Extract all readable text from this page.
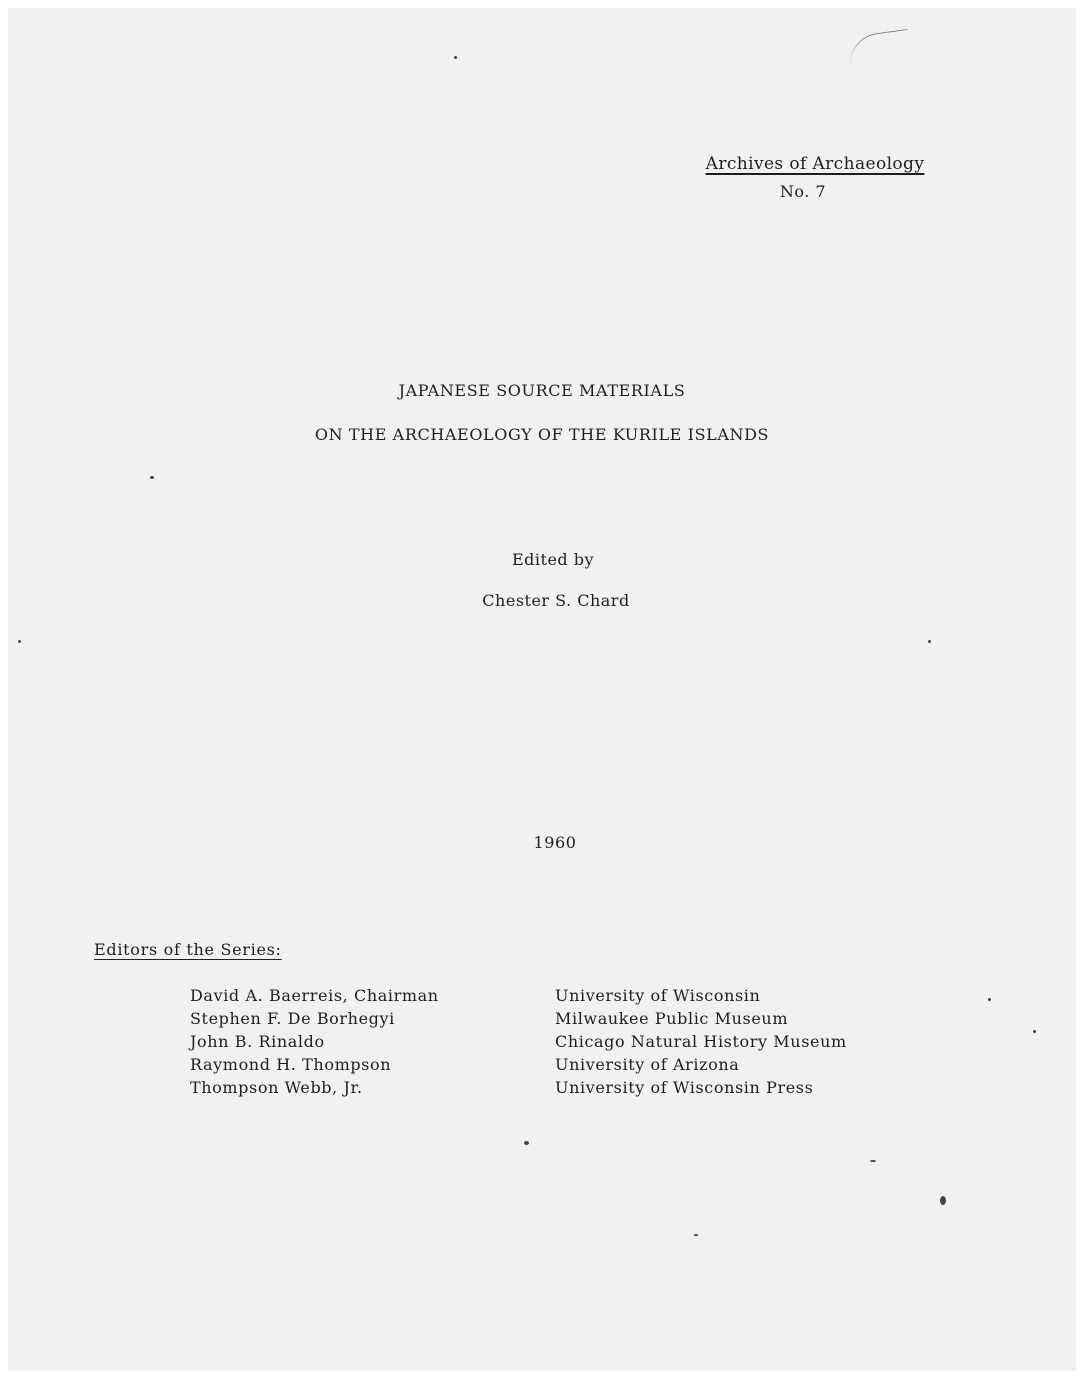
Archives of Archaeology
No. 7
JAPANESE SOURCE MATERIALS
ON THE ARCHAEOLOGY OF THE KURILE ISLANDS
Edited by
Chester S. Chard
1960
Editors of the Series:
David A. Baerreis, Chairman	University of Wisconsin
Stephen F. De Borhegyi	Milwaukee Public Museum
John B. Rinaldo	Chicago Natural History Museum
Raymond H. Thompson	University of Arizona
Thompson Webb, Jr.	University of Wisconsin Press
